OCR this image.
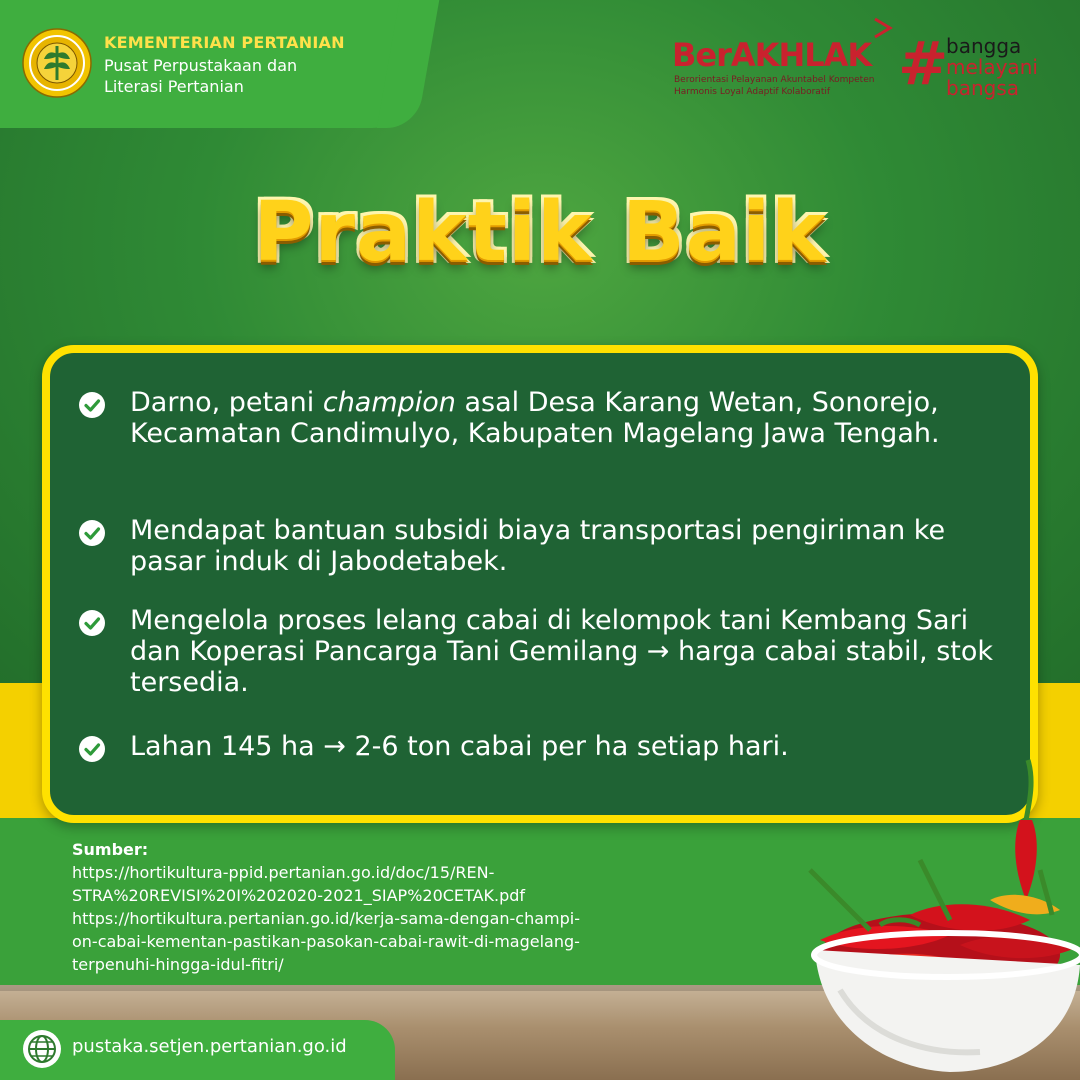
KEMENTERIAN PERTANIAN
Pusat Perpustakaan dan
Literasi Pertanian
BerAKHLAK
Berorientasi Pelayanan Akuntabel Kompeten
Harmonis Loyal Adaptif Kolaboratif	#
bangga
melayani
bangsa
Praktik Baik
Darno, petani champion asal Desa Karang Wetan, Sonorejo, Kecamatan Candimulyo, Kabupaten Magelang Jawa Tengah.
Mendapat bantuan subsidi biaya transportasi pengiriman ke pasar induk di Jabodetabek.
Mengelola proses lelang cabai di kelompok tani Kembang Sari dan Koperasi Pancarga Tani Gemilang → harga cabai stabil, stok tersedia.
Lahan 145 ha → 2-6 ton cabai per ha setiap hari.
Sumber:
https://hortikultura-ppid.pertanian.go.id/doc/15/REN-
STRA%20REVISI%20I%202020-2021_SIAP%20CETAK.pdf
https://hortikultura.pertanian.go.id/kerja-sama-dengan-champi-
on-cabai-kementan-pastikan-pasokan-cabai-rawit-di-magelang-
terpenuhi-hingga-idul-fitri/
pustaka.setjen.pertanian.go.id
